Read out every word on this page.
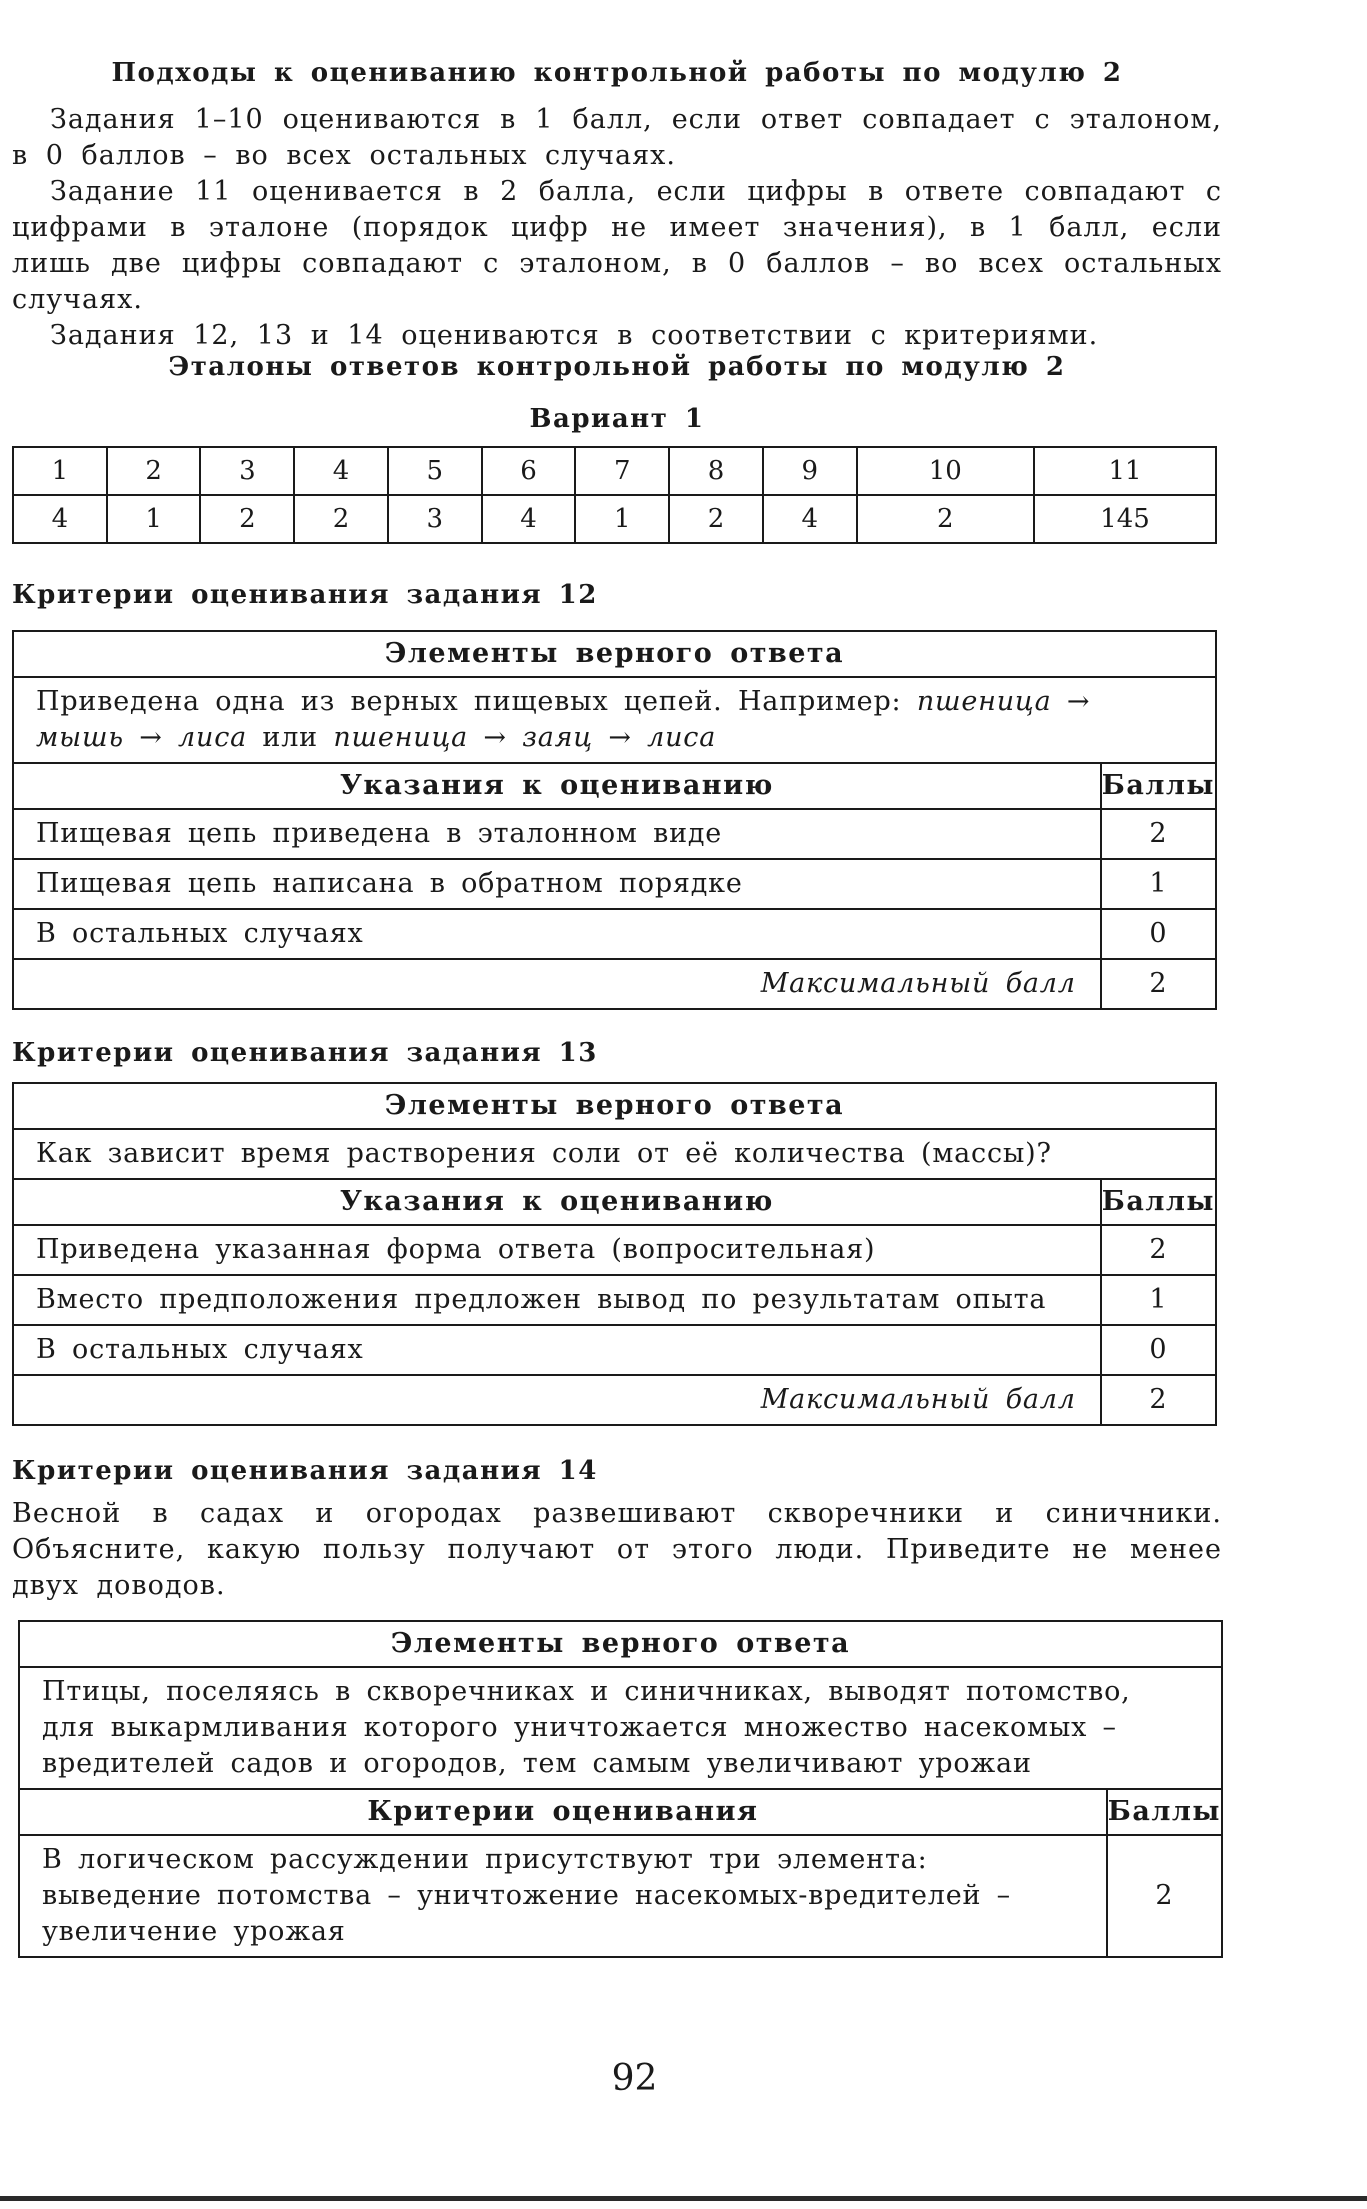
Подходы к оцениванию контрольной работы по модулю 2

Задания 1–10 оцениваются в 1 балл, если ответ совпадает с эталоном, в 0 баллов – во всех остальных случаях.

Задание 11 оценивается в 2 балла, если цифры в ответе совпадают с цифрами в эталоне (порядок цифр не имеет значения), в 1 балл, если лишь две цифры совпадают с эталоном, в 0 баллов – во всех остальных случаях.

Задания 12, 13 и 14 оцениваются в соответствии с критериями.

Эталоны ответов контрольной работы по модулю 2
Вариант 1
1	2	3	4	5	6	7	8	9	10	11
4	1	2	2	3	4	1	2	4	2	145
Критерии оценивания задания 12
Элементы верного ответа	
Приведена одна из верных пищевых цепей. Например: пшеница → мышь → лиса или пшеница → заяц → лиса	
Указания к оцениванию	Баллы
Пищевая цепь приведена в эталонном виде	2
Пищевая цепь написана в обратном порядке	1
В остальных случаях	0
Максимальный балл	2
Критерии оценивания задания 13
Элементы верного ответа	
Как зависит время растворения соли от её количества (массы)?	
Указания к оцениванию	Баллы
Приведена указанная форма ответа (вопросительная)	2
Вместо предположения предложен вывод по результатам опыта	1
В остальных случаях	0
Максимальный балл	2
Критерии оценивания задания 14
Весной в садах и огородах развешивают скворечники и синичники. Объясните, какую пользу получают от этого люди. Приведите не менее двух доводов.
Элементы верного ответа	
Птицы, поселяясь в скворечниках и синичниках, выводят потомство, для выкармливания которого уничтожается множество насекомых – вредителей садов и огородов, тем самым увеличивают урожаи	
Критерии оценивания	Баллы
В логическом рассуждении присутствуют три элемента: выведение потомства – уничтожение насекомых-вредителей – увеличение урожая	2
92
